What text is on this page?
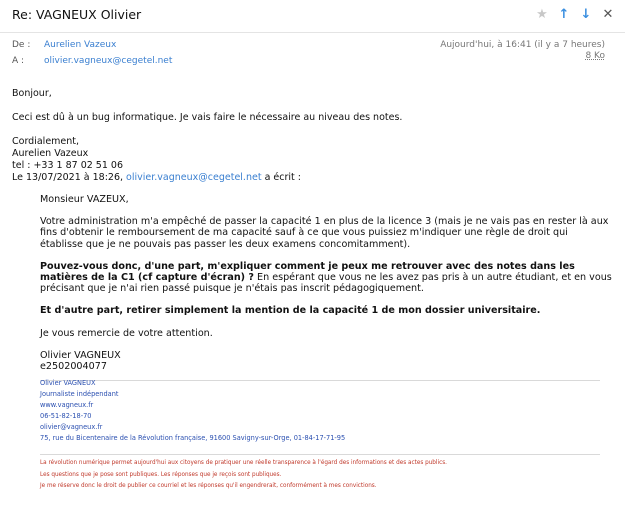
Re: VAGNEUX Olivier	★ ↑ ↓ ✕
De : Aurelien Vazeux
A : olivier.vagneux@cegetel.net
Aujourd'hui, à 16:41 (il y a 7 heures)
8 Ko

Bonjour,

Ceci est dû à un bug informatique. Je vais faire le nécessaire au niveau des notes.

Cordialement,

Aurelien Vazeux

tel : +33 1 87 02 51 06

Le 13/07/2021 à 18:26, olivier.vagneux@cegetel.net a écrit :

Monsieur VAZEUX,

Votre administration m'a empêché de passer la capacité 1 en plus de la licence 3 (mais je ne vais pas en rester là aux fins d'obtenir le remboursement de ma capacité sauf à ce que vous puissiez m'indiquer une règle de droit qui établisse que je ne pouvais pas passer les deux examens concomitamment).

Pouvez-vous donc, d'une part, m'expliquer comment je peux me retrouver avec des notes dans les matières de la C1 (cf capture d'écran) ? En espérant que vous ne les avez pas pris à un autre étudiant, et en vous précisant que je n'ai rien passé puisque je n'étais pas inscrit pédagogiquement.

Et d'autre part, retirer simplement la mention de la capacité 1 de mon dossier universitaire.

Je vous remercie de votre attention.

Olivier VAGNEUX

e2502004077

Olivier VAGNEUX
Journaliste indépendant
www.vagneux.fr
06-51-82-18-70
olivier@vagneux.fr
75, rue du Bicentenaire de la Révolution française, 91600 Savigny-sur-Orge, 01-84-17-71-95
La révolution numérique permet aujourd'hui aux citoyens de pratiquer une réelle transparence à l'égard des informations et des actes publics.
Les questions que je pose sont publiques. Les réponses que je reçois sont publiques.
Je me réserve donc le droit de publier ce courriel et les réponses qu'il engendrerait, conformément à mes convictions.
